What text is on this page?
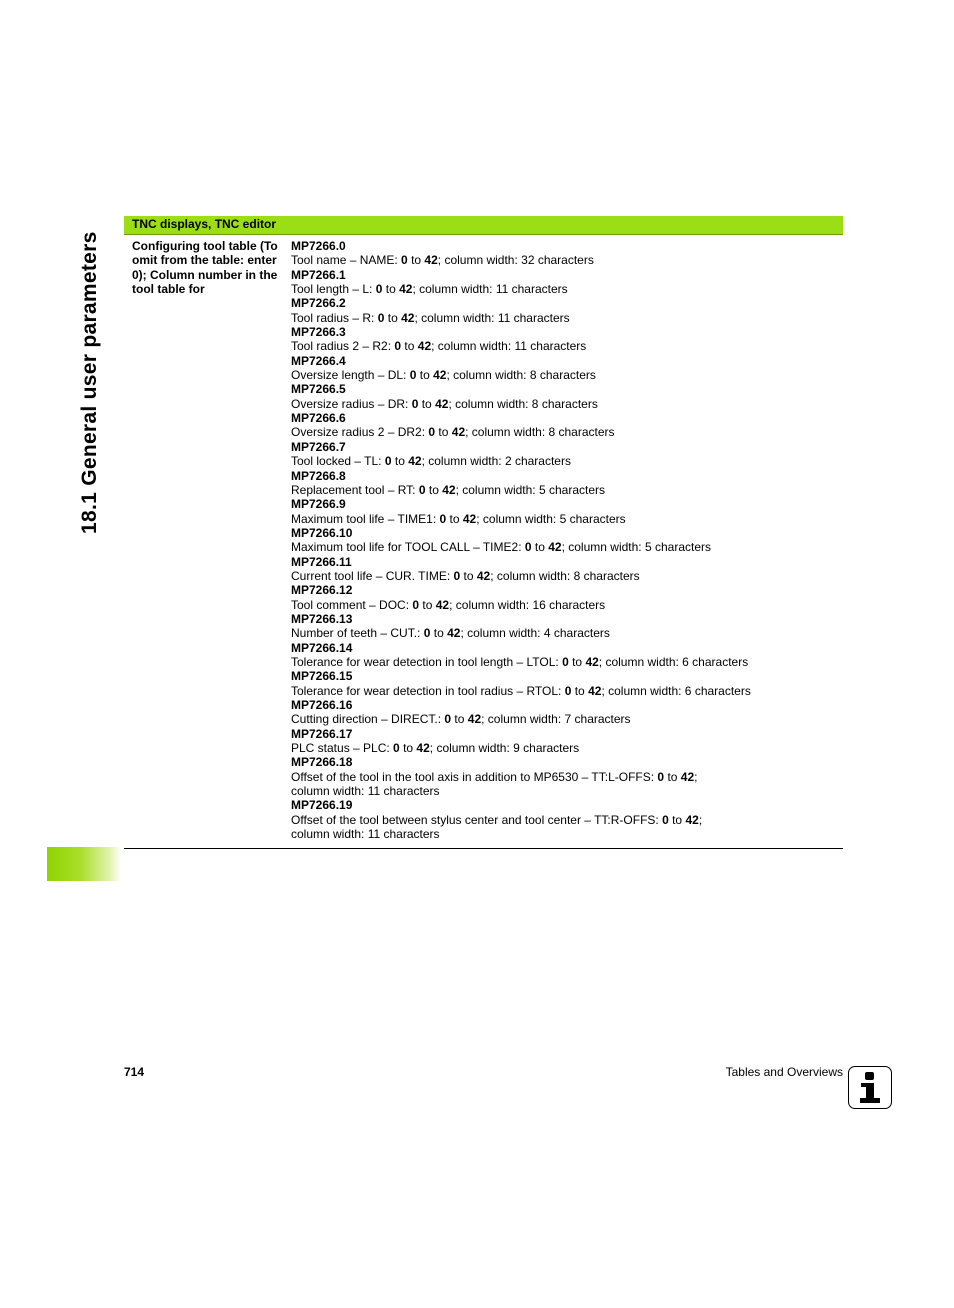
18.1 General user parameters
TNC displays, TNC editor
Configuring tool table (To omit from the table: enter 0); Column number in the tool table for
MP7266.0
Tool name – NAME: 0 to 42; column width: 32 characters
MP7266.1
Tool length – L: 0 to 42; column width: 11 characters
MP7266.2
Tool radius – R: 0 to 42; column width: 11 characters
MP7266.3
Tool radius 2 – R2: 0 to 42; column width: 11 characters
MP7266.4
Oversize length – DL: 0 to 42; column width: 8 characters
MP7266.5
Oversize radius – DR: 0 to 42; column width: 8 characters
MP7266.6
Oversize radius 2 – DR2: 0 to 42; column width: 8 characters
MP7266.7
Tool locked – TL: 0 to 42; column width: 2 characters
MP7266.8
Replacement tool – RT: 0 to 42; column width: 5 characters
MP7266.9
Maximum tool life – TIME1: 0 to 42; column width: 5 characters
MP7266.10
Maximum tool life for TOOL CALL – TIME2: 0 to 42; column width: 5 characters
MP7266.11
Current tool life – CUR. TIME: 0 to 42; column width: 8 characters
MP7266.12
Tool comment – DOC: 0 to 42; column width: 16 characters
MP7266.13
Number of teeth – CUT.: 0 to 42; column width: 4 characters
MP7266.14
Tolerance for wear detection in tool length – LTOL: 0 to 42; column width: 6 characters
MP7266.15
Tolerance for wear detection in tool radius – RTOL: 0 to 42; column width: 6 characters
MP7266.16
Cutting direction – DIRECT.: 0 to 42; column width: 7 characters
MP7266.17
PLC status – PLC: 0 to 42; column width: 9 characters
MP7266.18
Offset of the tool in the tool axis in addition to MP6530 – TT:L-OFFS: 0 to 42;
column width: 11 characters
MP7266.19
Offset of the tool between stylus center and tool center – TT:R-OFFS: 0 to 42;
column width: 11 characters
714	Tables and Overviews
